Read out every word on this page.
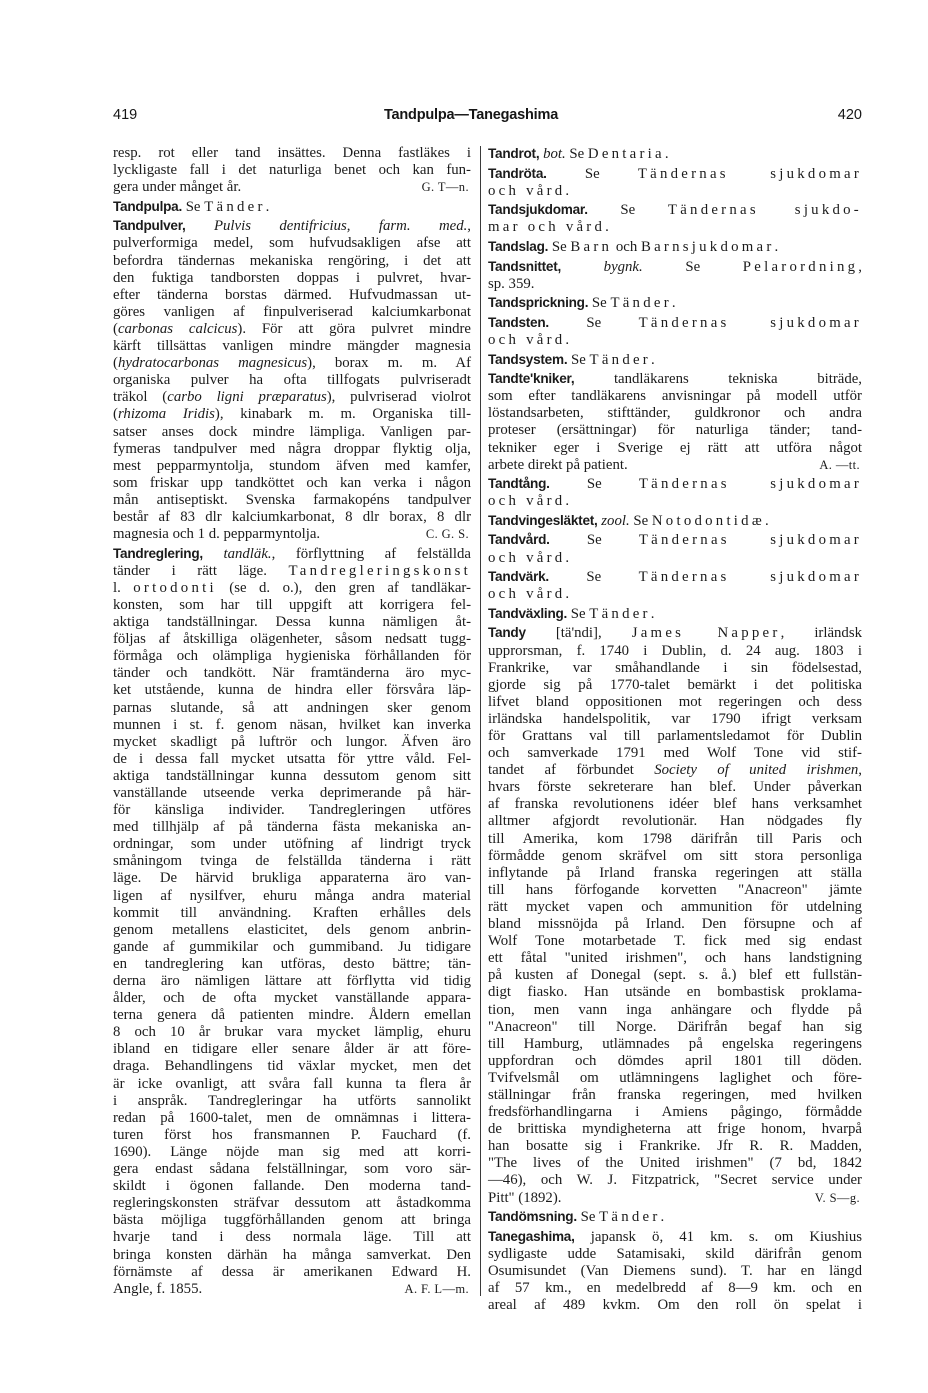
419	Tandpulpa—Tanegashima	420
resp. rot eller tand insättes. Denna fastläkes i
lyckligaste fall i det naturliga benet och kan fun-
gera under månget år.	G. T—n.
Tandpulpa. Se Tänder.
Tandpulver, Pulvis dentifricius, farm. med.,
pulverformiga medel, som hufvudsakligen afse att
befordra tändernas mekaniska rengöring, i det att
den fuktiga tandborsten doppas i pulvret, hvar-
efter tänderna borstas därmed. Hufvudmassan ut-
göres vanligen af finpulveriserad kalciumkarbonat
(carbonas calcicus). För att göra pulvret mindre
kärft tillsättas vanligen mindre mängder magnesia
(hydratocarbonas magnesicus), borax m. m. Af
organiska pulver ha ofta tillfogats pulvriseradt
träkol (carbo ligni præparatus), pulvriserad violrot
(rhizoma Iridis), kinabark m. m. Organiska till-
satser anses dock mindre lämpliga. Vanligen par-
fymeras tandpulver med några droppar flyktig olja,
mest pepparmyntolja, stundom äfven med kamfer,
som friskar upp tandköttet och kan verka i någon
mån antiseptiskt. Svenska farmakopéns tandpulver
består af 83 dlr kalciumkarbonat, 8 dlr borax, 8 dlr
magnesia och 1 d. pepparmyntolja.	C. G. S.
Tandreglering, tandläk., förflyttning af felställda
tänder i rätt läge. Tandregleringskonst
l. ortodonti (se d. o.), den gren af tandläkar-
konsten, som har till uppgift att korrigera fel-
aktiga tandställningar. Dessa kunna nämligen åt-
följas af åtskilliga olägenheter, såsom nedsatt tugg-
förmåga och olämpliga hygieniska förhållanden för
tänder och tandkött. När framtänderna äro myc-
ket utstående, kunna de hindra eller försvåra läp-
parnas slutande, så att andningen sker genom
munnen i st. f. genom näsan, hvilket kan inverka
mycket skadligt på luftrör och lungor. Äfven äro
de i dessa fall mycket utsatta för yttre våld. Fel-
aktiga tandställningar kunna dessutom genom sitt
vanställande utseende verka deprimerande på här-
för känsliga individer. Tandregleringen utföres
med tillhjälp af på tänderna fästa mekaniska an-
ordningar, som under utöfning af lindrigt tryck
småningom tvinga de felställda tänderna i rätt
läge. De härvid brukliga apparaterna äro van-
ligen af nysilfver, ehuru många andra material
kommit till användning. Kraften erhålles dels
genom metallens elasticitet, dels genom anbrin-
gande af gummikilar och gummiband. Ju tidigare
en tandreglering kan utföras, desto bättre; tän-
derna äro nämligen lättare att förflytta vid tidig
ålder, och de ofta mycket vanställande appara-
terna genera då patienten mindre. Åldern emellan
8 och 10 år brukar vara mycket lämplig, ehuru
ibland en tidigare eller senare ålder är att före-
draga. Behandlingens tid växlar mycket, men det
är icke ovanligt, att svåra fall kunna ta flera år
i anspråk. Tandregleringar ha utförts sannolikt
redan på 1600-talet, men de omnämnas i littera-
turen först hos fransmannen P. Fauchard (f.
1690). Länge nöjde man sig med att korri-
gera endast sådana felställningar, som voro sär-
skildt i ögonen fallande. Den moderna tand-
regleringskonsten sträfvar dessutom att åstadkomma
bästa möjliga tuggförhållanden genom att bringa
hvarje tand i dess normala läge. Till att
bringa konsten därhän ha många samverkat. Den
förnämste af dessa är amerikanen Edward H.
Angle, f. 1855.	A. F. L—m.
Tandrot, bot. Se Dentaria.
Tandröta. Se Tändernas sjukdomar
och vård.
Tandsjukdomar. Se Tändernas sjukdo-
mar och vård.
Tandslag. Se Barn och Barnsjukdomar.
Tandsnittet,	bygnk. Se Pelarordning,
sp. 359.
Tandsprickning. Se Tänder.
Tandsten. Se Tändernas sjukdomar
och vård.
Tandsystem. Se Tänder.
Tandte'kniker, tandläkarens tekniska biträde,
som efter tandläkarens anvisningar på modell utför
löstandsarbeten, stifttänder, guldkronor och andra
proteser (ersättningar) för naturliga tänder; tand-
tekniker eger i Sverige ej rätt att utföra något
arbete direkt på patient.	A. —tt.
Tandtång. Se Tändernas sjukdomar
och vård.
Tandvingesläktet, zool. Se Notodontidæ.
Tandvård. Se Tändernas sjukdomar
och vård.
Tandvärk. Se Tändernas sjukdomar
och vård.
Tandväxling. Se Tänder.
Tandy [tä'ndi], James Napper, irländsk
upprorsman, f. 1740 i Dublin, d. 24 aug. 1803 i
Frankrike, var småhandlande i sin födelsestad,
gjorde sig på 1770-talet bemärkt i det politiska
lifvet bland oppositionen mot regeringen och dess
irländska handelspolitik, var 1790 ifrigt verksam
för Grattans val till parlamentsledamot för Dublin
och samverkade 1791 med Wolf Tone vid stif-
tandet af förbundet Society of united irishmen,
hvars förste sekreterare han blef. Under påverkan
af franska revolutionens idéer blef hans verksamhet
alltmer afgjordt revolutionär. Han nödgades fly
till Amerika, kom 1798 därifrån till Paris och
förmådde genom skräfvel om sitt stora personliga
inflytande på Irland franska regeringen att ställa
till hans förfogande korvetten "Anacreon" jämte
rätt mycket vapen och ammunition för utdelning
bland missnöjda på Irland. Den försupne och af
Wolf Tone motarbetade T. fick med sig endast
ett fåtal "united irishmen", och hans landstigning
på kusten af Donegal (sept. s. å.) blef ett fullstän-
digt fiasko. Han utsände en bombastisk proklama-
tion, men vann inga anhängare och flydde på
"Anacreon" till Norge. Därifrån begaf han sig
till Hamburg, utlämnades på engelska regeringens
uppfordran och dömdes april 1801 till döden.
Tvifvelsmål om utlämningens laglighet och före-
ställningar från franska regeringen, med hvilken
fredsförhandlingarna i Amiens pågingo, förmådde
de brittiska myndigheterna att frige honom, hvarpå
han bosatte sig i Frankrike. Jfr R. R. Madden,
"The lives of the United irishmen" (7 bd, 1842
—46), och W. J. Fitzpatrick, "Secret service under
Pitt" (1892).	V. S—g.
Tandömsning. Se Tänder.
Tanegashima, japansk ö, 41 km. s. om Kiushius
sydligaste udde Satamisaki, skild därifrån genom
Osumisundet (Van Diemens sund). T. har en längd
af 57 km., en medelbredd af 8—9 km. och en
areal af 489 kvkm. Om den roll ön spelat i
